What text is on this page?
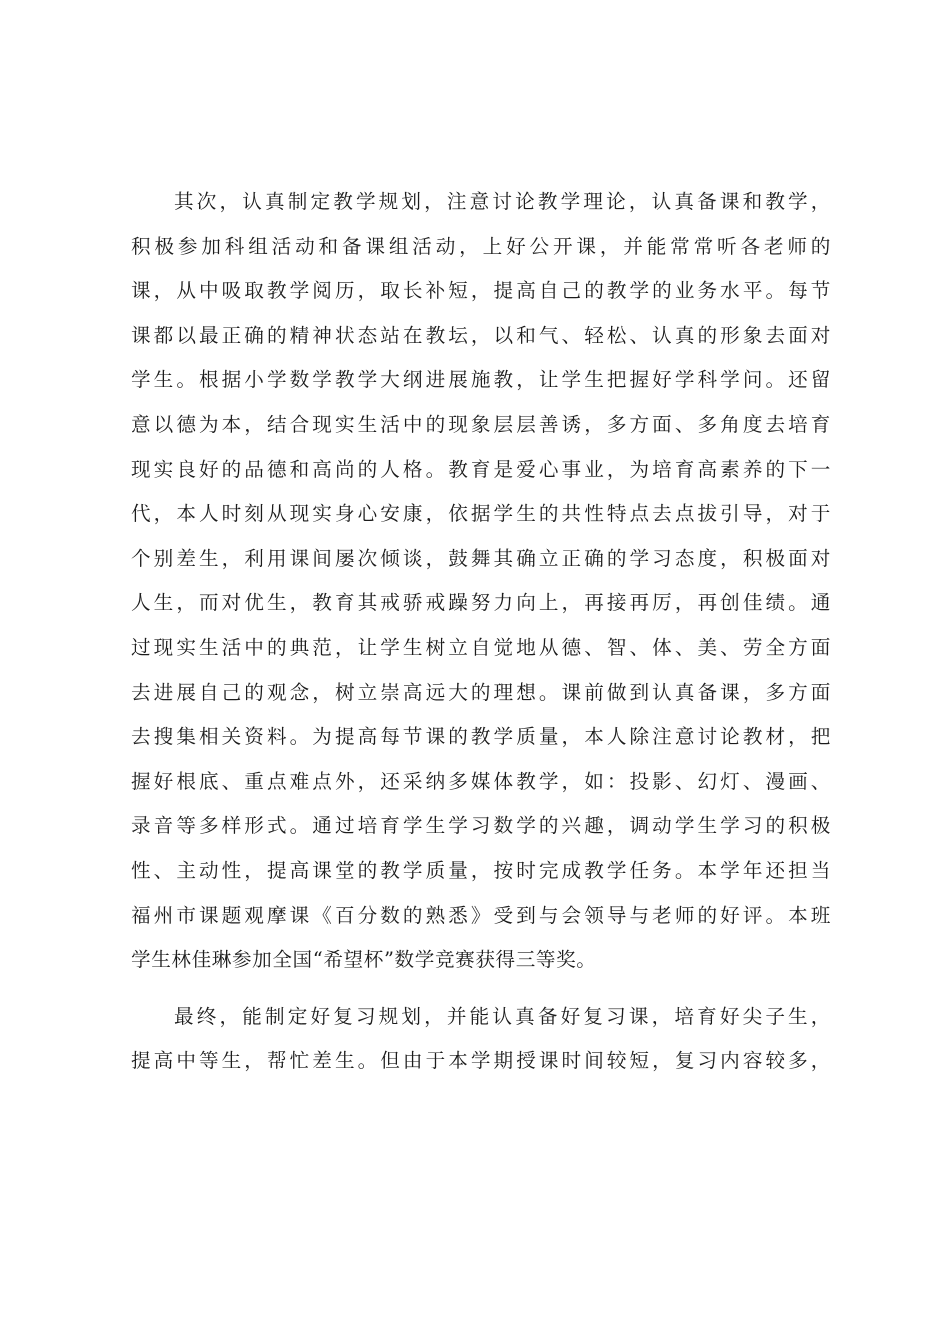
其次，认真制定教学规划，注意讨论教学理论，认真备课和教学，
积极参加科组活动和备课组活动，上好公开课，并能常常听各老师的
课，从中吸取教学阅历，取长补短，提高自己的教学的业务水平。每节
课都以最正确的精神状态站在教坛，以和气、轻松、认真的形象去面对
学生。根据小学数学教学大纲进展施教，让学生把握好学科学问。还留
意以德为本，结合现实生活中的现象层层善诱，多方面、多角度去培育
现实良好的品德和高尚的人格。教育是爱心事业，为培育高素养的下一
代，本人时刻从现实身心安康，依据学生的共性特点去点拔引导，对于
个别差生，利用课间屡次倾谈，鼓舞其确立正确的学习态度，积极面对
人生，而对优生，教育其戒骄戒躁努力向上，再接再厉，再创佳绩。通
过现实生活中的典范，让学生树立自觉地从德、智、体、美、劳全方面
去进展自己的观念，树立崇高远大的理想。课前做到认真备课，多方面
去搜集相关资料。为提高每节课的教学质量，本人除注意讨论教材，把
握好根底、重点难点外，还采纳多媒体教学，如：投影、幻灯、漫画、
录音等多样形式。通过培育学生学习数学的兴趣，调动学生学习的积极
性、主动性，提高课堂的教学质量，按时完成教学任务。本学年还担当
福州市课题观摩课《百分数的熟悉》受到与会领导与老师的好评。本班
学生林佳琳参加全国“希望杯”数学竞赛获得三等奖。

最终，能制定好复习规划，并能认真备好复习课，培育好尖子生，
提高中等生，帮忙差生。但由于本学期授课时间较短，复习内容较多，
